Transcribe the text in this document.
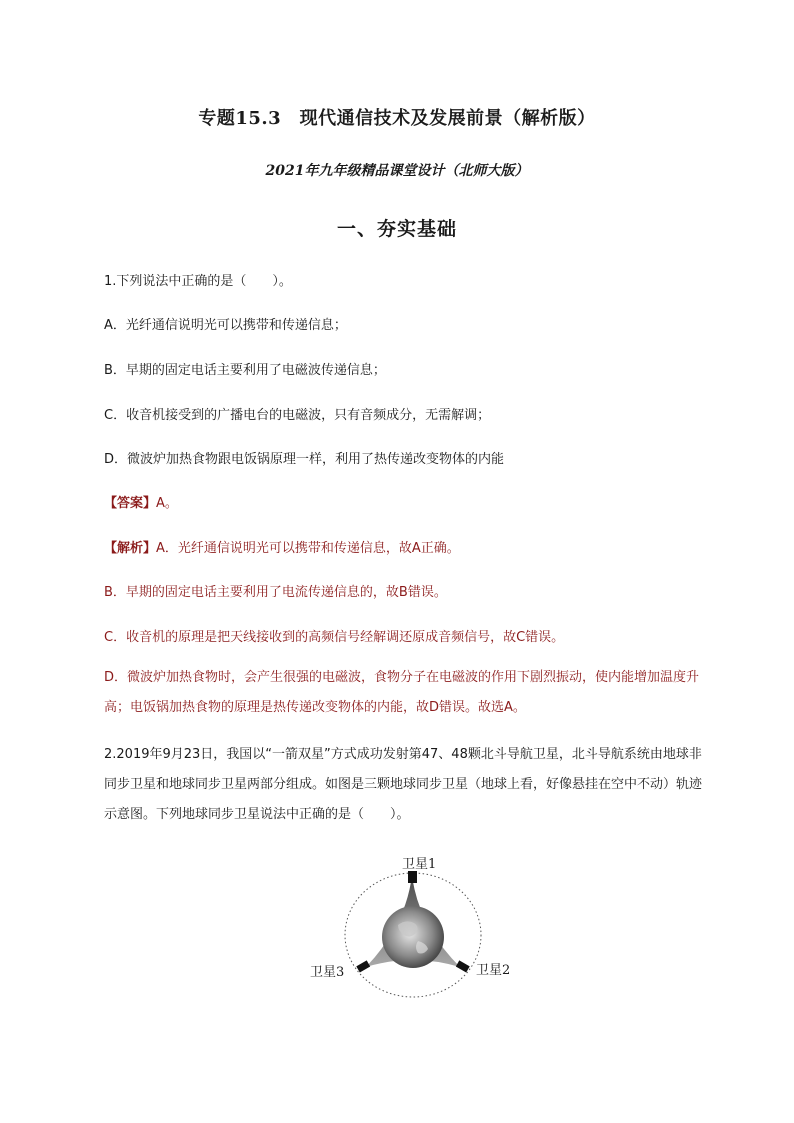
专题15.3　现代通信技术及发展前景（解析版）
2021年九年级精品课堂设计（北师大版）
一、夯实基础
1.下列说法中正确的是（　　）。
A．光纤通信说明光可以携带和传递信息；
B．早期的固定电话主要利用了电磁波传递信息；
C．收音机接受到的广播电台的电磁波，只有音频成分，无需解调；
D．微波炉加热食物跟电饭锅原理一样，利用了热传递改变物体的内能
【答案】A。
【解析】A．光纤通信说明光可以携带和传递信息，故A正确。
B．早期的固定电话主要利用了电流传递信息的，故B错误。
C．收音机的原理是把天线接收到的高频信号经解调还原成音频信号，故C错误。
D．微波炉加热食物时，会产生很强的电磁波，食物分子在电磁波的作用下剧烈振动，使内能增加温度升高；电饭锅加热食物的原理是热传递改变物体的内能，故D错误。故选A。
2.2019年9月23日，我国以“一箭双星”方式成功发射第47、48颗北斗导航卫星，北斗导航系统由地球非同步卫星和地球同步卫星两部分组成。如图是三颗地球同步卫星（地球上看，好像悬挂在空中不动）轨迹示意图。下列地球同步卫星说法中正确的是（　　）。
卫星1
卫星2
卫星3
